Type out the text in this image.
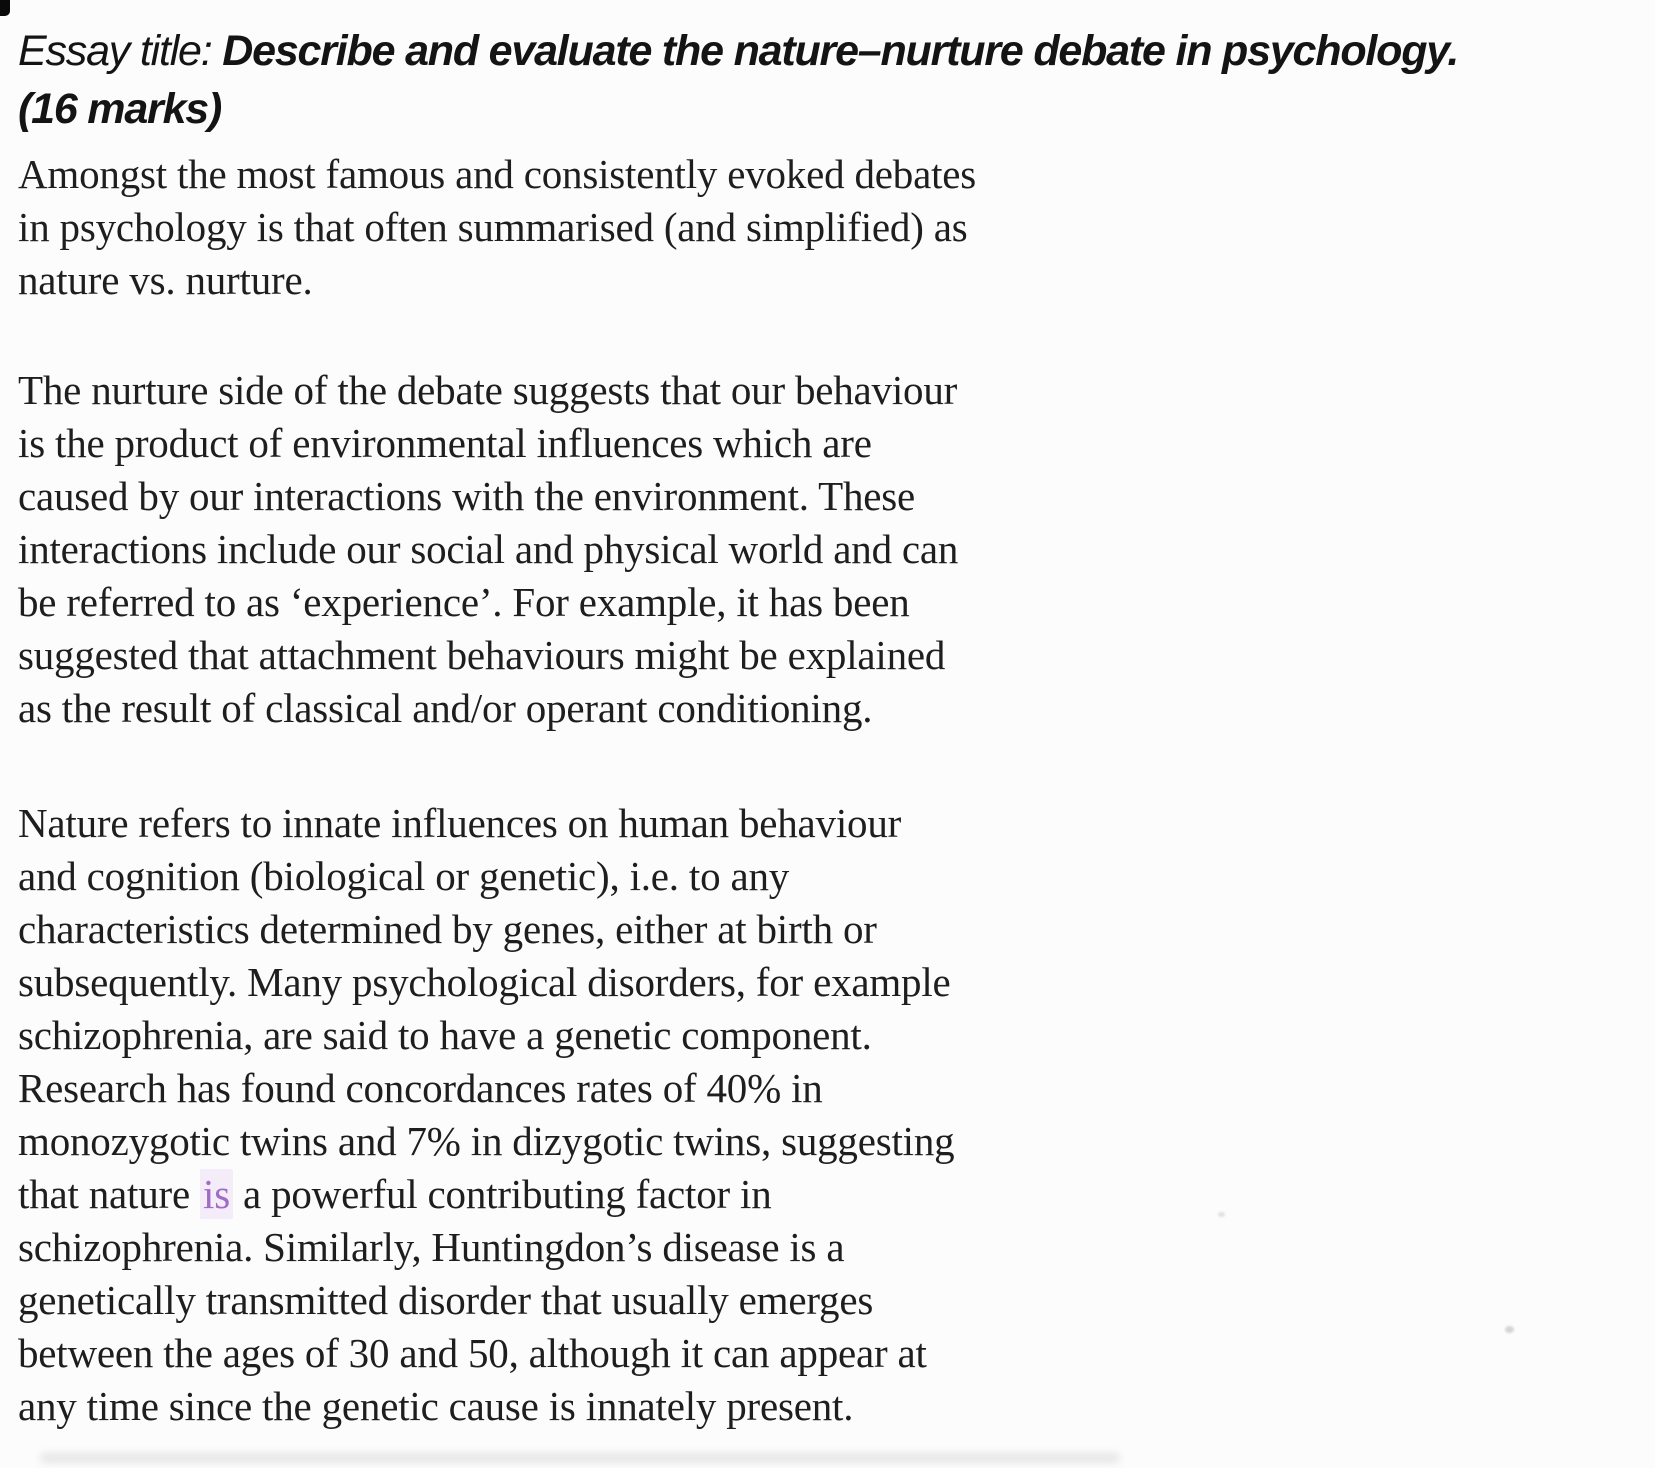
Essay title: Describe and evaluate the nature–nurture debate in psychology.
(16 marks)
Amongst the most famous and consistently evoked debates
in psychology is that often summarised (and simplified) as
nature vs. nurture.
The nurture side of the debate suggests that our behaviour
is the product of environmental influences which are
caused by our interactions with the environment. These
interactions include our social and physical world and can
be referred to as ‘experience’. For example, it has been
suggested that attachment behaviours might be explained
as the result of classical and/or operant conditioning.
Nature refers to innate influences on human behaviour
and cognition (biological or genetic), i.e. to any
characteristics determined by genes, either at birth or
subsequently. Many psychological disorders, for example
schizophrenia, are said to have a genetic component.
Research has found concordances rates of 40% in
monozygotic twins and 7% in dizygotic twins, suggesting
that nature is a powerful contributing factor in
schizophrenia. Similarly, Huntingdon’s disease is a
genetically transmitted disorder that usually emerges
between the ages of 30 and 50, although it can appear at
any time since the genetic cause is innately present.
